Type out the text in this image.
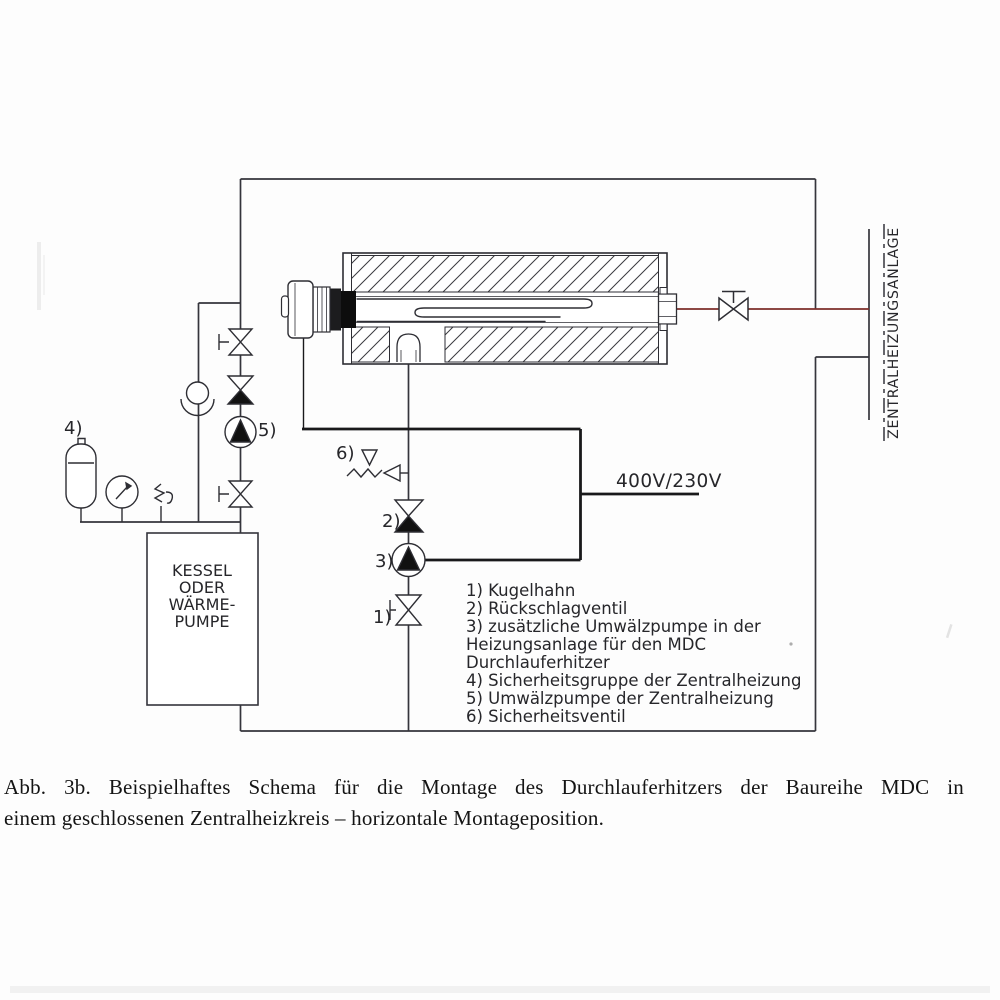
4)	5)
6)
2)
3)
1)
400V/230V
ZENTRALHEIZUNGSANLAGE
KESSEL
ODER
WÄRME-
PUMPE
1) Kugelhahn
2) Rückschlagventil
3) zusätzliche Umwälzpumpe in der
Heizungsanlage für den MDC
Durchlauferhitzer
4) Sicherheitsgruppe der Zentralheizung
5) Umwälzpumpe der Zentralheizung
6) Sicherheitsventil
Abb. 3b. Beispielhaftes Schema für die Montage des Durchlauferhitzers der Baureihe MDC in
einem geschlossenen Zentralheizkreis – horizontale Montageposition.
